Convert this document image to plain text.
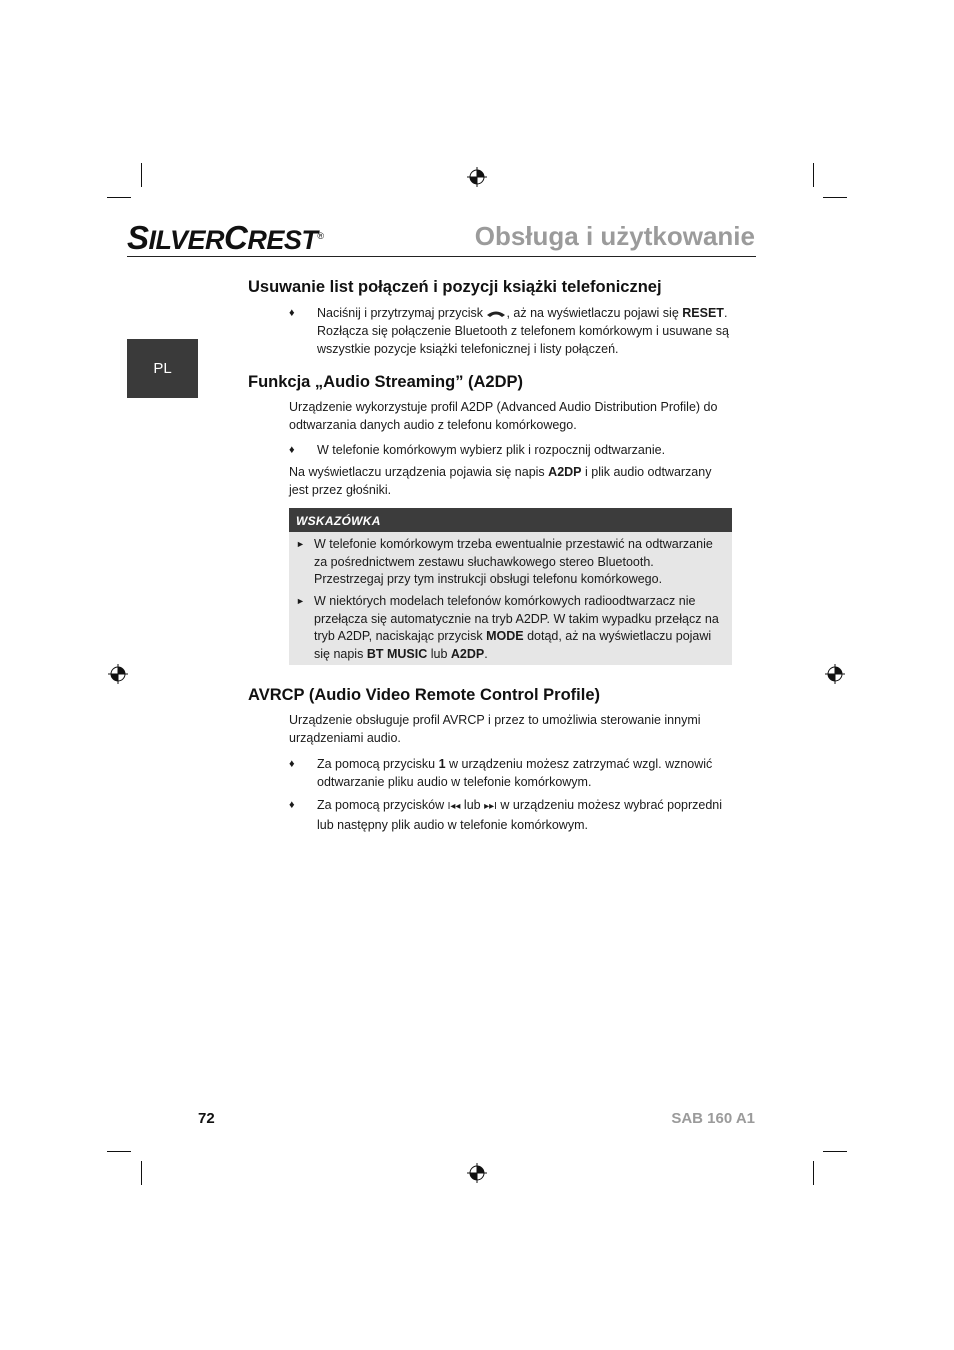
SILVERCREST®	Obsługa i użytkowanie
PL
Usuwanie list połączeń i pozycji książki telefonicznej
♦ Naciśnij i przytrzymaj przycisk , aż na wyświetlaczu pojawi się RESET. Rozłącza się połączenie Bluetooth z telefonem komórkowym i usuwane są wszystkie pozycje książki telefonicznej i listy połączeń.
Funkcja „Audio Streaming” (A2DP)

Urządzenie wykorzystuje profil A2DP (Advanced Audio Distribution Profile) do odtwarzania danych audio z telefonu komórkowego.

♦ W telefonie komórkowym wybierz plik i rozpocznij odtwarzanie.

Na wyświetlaczu urządzenia pojawia się napis A2DP i plik audio odtwarzany jest przez głośniki.

WSKAZÓWKA
► W telefonie komórkowym trzeba ewentualnie przestawić na odtwarzanie za pośrednictwem zestawu słuchawkowego stereo Bluetooth. Przestrzegaj przy tym instrukcji obsługi telefonu komórkowego.
► W niektórych modelach telefonów komórkowych radioodtwarzacz nie przełącza się automatycznie na tryb A2DP. W takim wypadku przełącz na tryb A2DP, naciskając przycisk MODE dotąd, aż na wyświetlaczu pojawi się napis BT MUSIC lub A2DP.
AVRCP (Audio Video Remote Control Profile)

Urządzenie obsługuje profil AVRCP i przez to umożliwia sterowanie innymi urządzeniami audio.

♦ Za pomocą przycisku 1 w urządzeniu możesz zatrzymać wzgl. wznowić odtwarzanie pliku audio w telefonie komórkowym.
♦ Za pomocą przycisków I◂◂ lub ▸▸I w urządzeniu możesz wybrać poprzedni lub następny plik audio w telefonie komórkowym.
72	SAB 160 A1
